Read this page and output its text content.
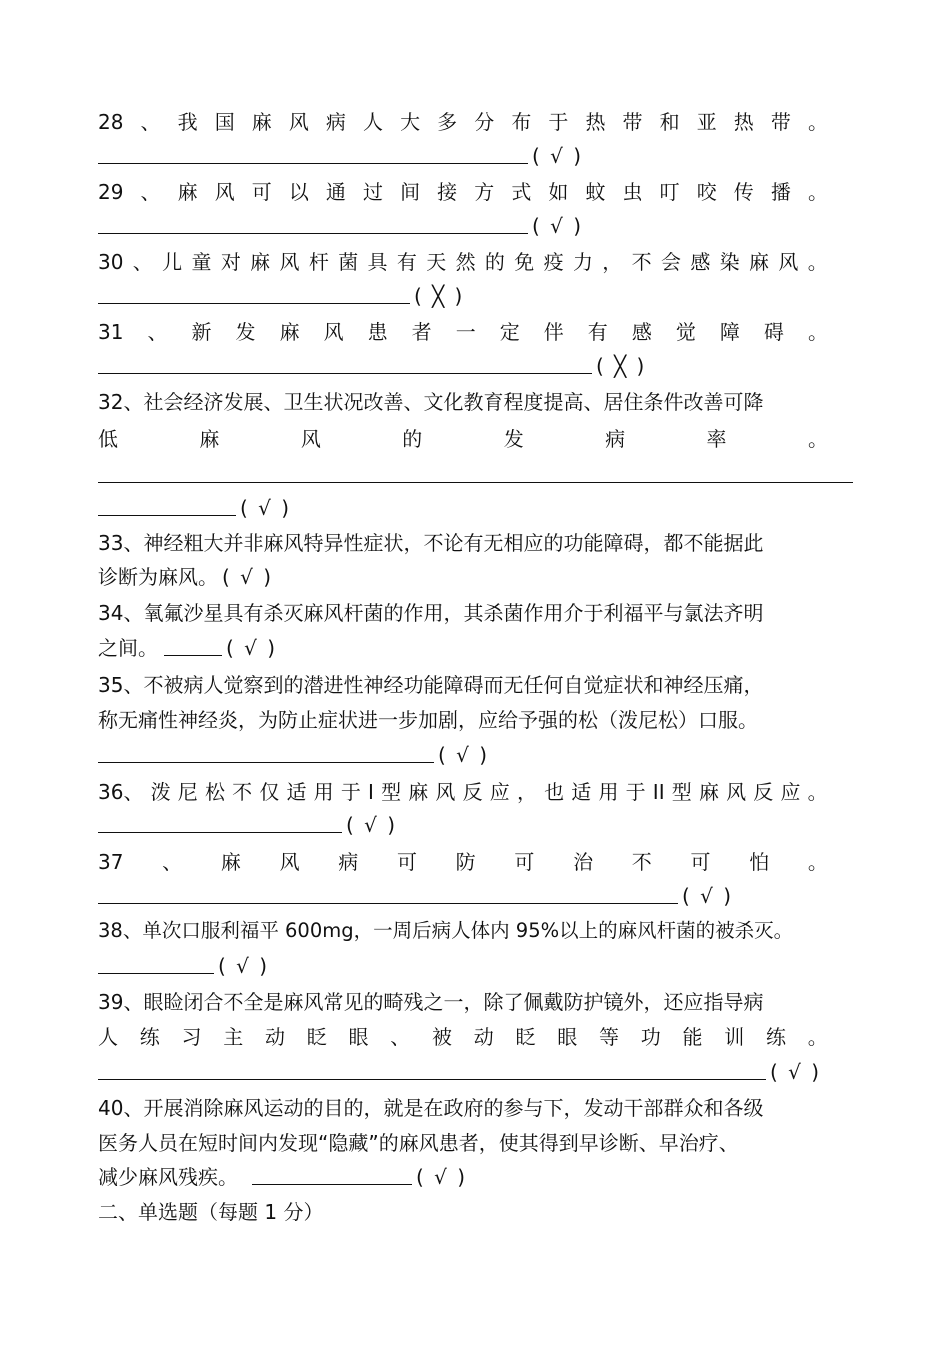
28 、 我 国 麻 风 病 人 大 多 分 布 于 热 带 和 亚 热 带 。
( √ )
29 、 麻 风 可 以 通 过 间 接 方 式 如 蚊 虫 叮 咬 传 播 。
( √ )
30 、 儿 童 对 麻 风 杆 菌 具 有 天 然 的 免 疫 力 ， 不 会 感 染 麻 风 。
( ╳ )
31 、 新 发 麻 风 患 者 一 定 伴 有 感 觉 障 碍 。
( ╳ )
32、社会经济发展、卫生状况改善、文化教育程度提高、居住条件改善可降
低	麻	风	的	发	病	率	。
( √ )
33、神经粗大并非麻风特异性症状，不论有无相应的功能障碍，都不能据此
诊断为麻风。 ( √ )
34、氧氟沙星具有杀灭麻风杆菌的作用，其杀菌作用介于利福平与氯法齐明
之间。	( √ )
35、不被病人觉察到的潜进性神经功能障碍而无任何自觉症状和神经压痛，
称无痛性神经炎，为防止症状进一步加剧，应给予强的松（泼尼松）口服。
( √ )
36、 泼 尼 松 不 仅 适 用 于 I 型 麻 风 反 应 ， 也 适 用 于 II 型 麻 风 反 应 。
( √ )
37 、 麻 风 病 可 防 可 治 不 可 怕 。
( √ )
38、单次口服利福平 600mg，一周后病人体内 95%以上的麻风杆菌的被杀灭。
( √ )
39、眼睑闭合不全是麻风常见的畸残之一，除了佩戴防护镜外，还应指导病
人 练 习 主 动 眨 眼 、 被 动 眨 眼 等 功 能 训 练 。
( √ )
40、开展消除麻风运动的目的，就是在政府的参与下，发动干部群众和各级
医务人员在短时间内发现“隐藏”的麻风患者，使其得到早诊断、早治疗、
减少麻风残疾。	( √ )
二、单选题（每题 1 分）
